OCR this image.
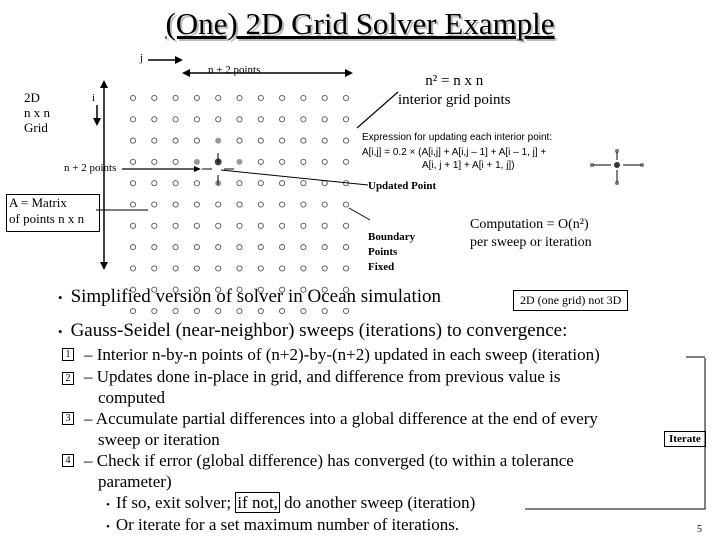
(One) 2D Grid Solver Example
j
n + 2 points
i
n + 2 points
2D
n x n
Grid
A = Matrix
of points n x n
n² = n x n
interior grid points
Expression for updating each interior point:
A[i,j] = 0.2 × (A[i,j] + A[i,j – 1] + A[i – 1, j] +
A[i, j + 1] + A[i + 1, j])
Updated Point
Boundary
Points
Fixed
Computation = O(n²)
per sweep or iteration
• Simplified version of solver in Ocean simulation	2D (one grid) not 3D
• Gauss-Seidel (near-neighbor) sweeps (iterations) to convergence:
1 – Interior n-by-n points of (n+2)-by-(n+2) updated in each sweep (iteration)
2 – Updates done in-place in grid, and difference from previous value is
computed
3 – Accumulate partial differences into a global difference at the end of every
sweep or iteration	Iterate
4 – Check if error (global difference) has converged (to within a tolerance
parameter)
• If so, exit solver; if not, do another sweep (iteration)
• Or iterate for a set maximum number of iterations.	5
